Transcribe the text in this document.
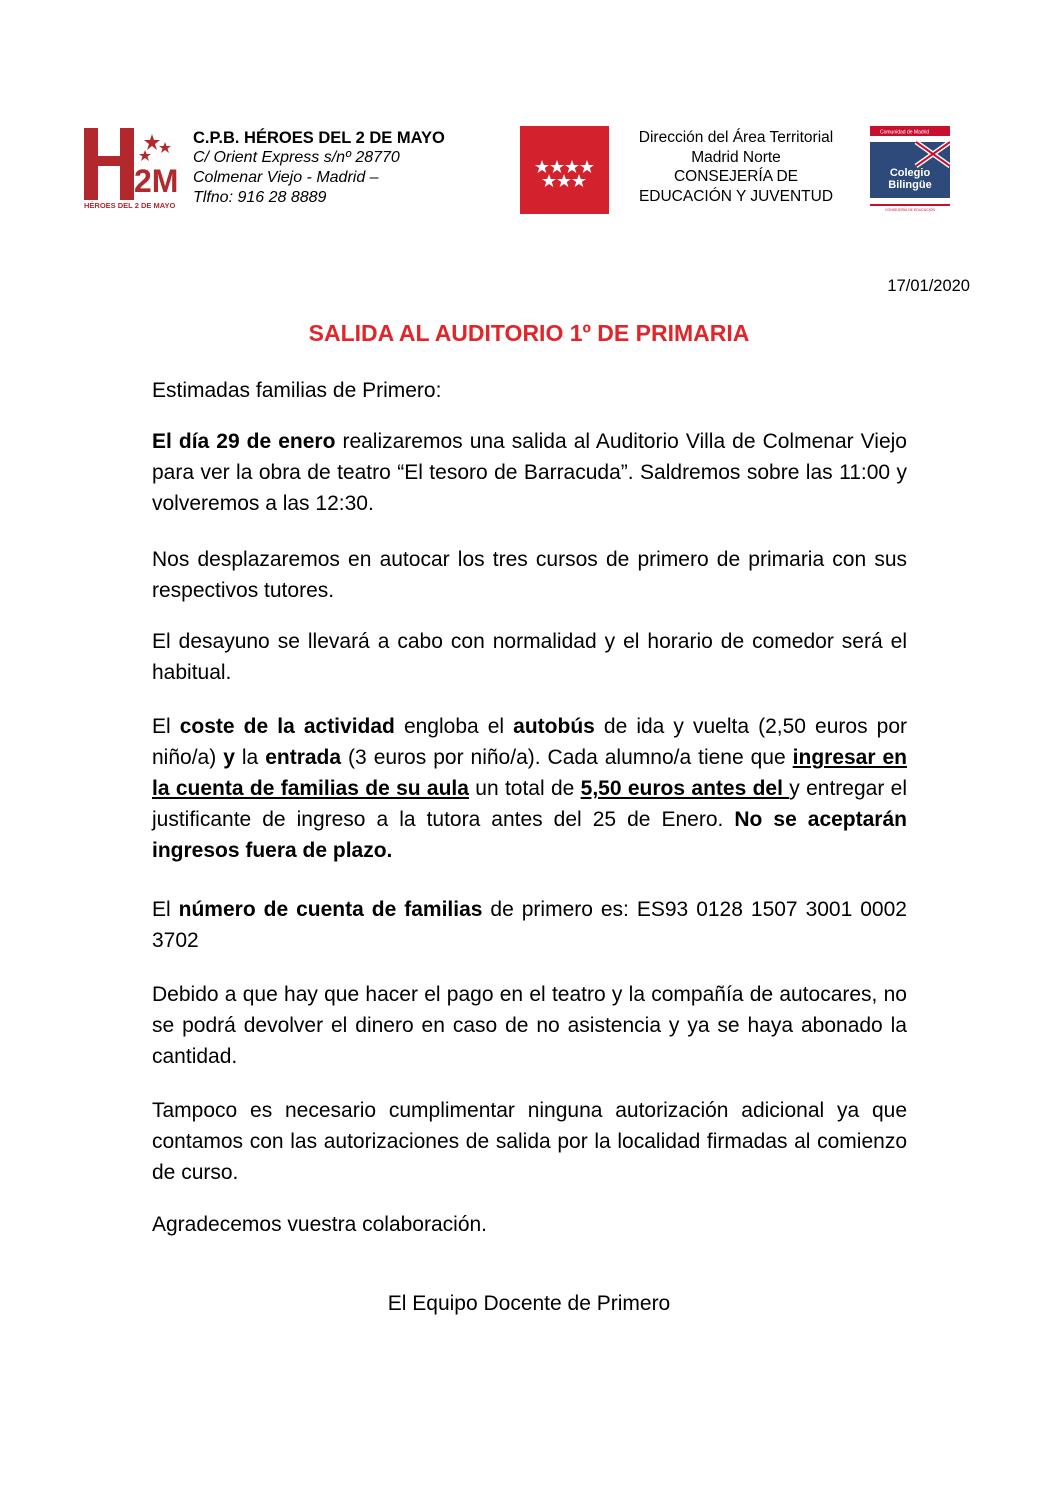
2M
HÉROES DEL 2 DE MAYO
C.P.B. HÉROES DEL 2 DE MAYO
C/ Orient Express s/nº 28770
Colmenar Viejo - Madrid –
Tlfno: 916 28 8889
Dirección del Área Territorial
Madrid Norte
CONSEJERÍA DE
EDUCACIÓN Y JUVENTUD
Comunidad de Madrid
Colegio
Bilingüe
CONSEJERÍA DE EDUCACIÓN
17/01/2020
SALIDA AL AUDITORIO 1º DE PRIMARIA
Estimadas familias de Primero:
El día 29 de enero realizaremos una salida al Auditorio Villa de Colmenar Viejo para ver la obra de teatro “El tesoro de Barracuda”. Saldremos sobre las 11:00 y volveremos a las 12:30.
Nos desplazaremos en autocar los tres cursos de primero de primaria con sus respectivos tutores.
El desayuno se llevará a cabo con normalidad y el horario de comedor será el habitual.
El coste de la actividad engloba el autobús de ida y vuelta (2,50 euros por niño/a) y la entrada (3 euros por niño/a). Cada alumno/a tiene que ingresar en la cuenta de familias de su aula un total de 5,50 euros antes del y entregar el justificante de ingreso a la tutora antes del 25 de Enero. No se aceptarán ingresos fuera de plazo.
El número de cuenta de familias de primero es: ES93 0128 1507 3001 0002 3702
Debido a que hay que hacer el pago en el teatro y la compañía de autocares, no se podrá devolver el dinero en caso de no asistencia y ya se haya abonado la cantidad.
Tampoco es necesario cumplimentar ninguna autorización adicional ya que contamos con las autorizaciones de salida por la localidad firmadas al comienzo de curso.
Agradecemos vuestra colaboración.
El Equipo Docente de Primero
